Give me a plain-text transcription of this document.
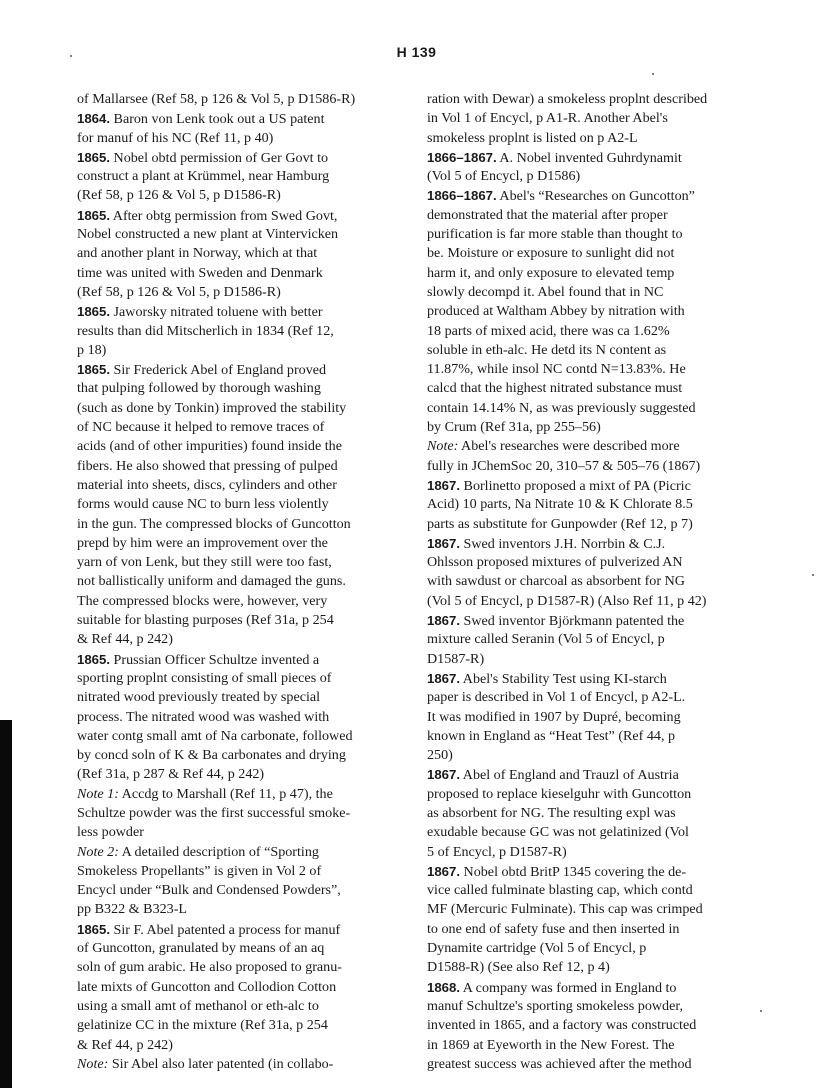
H 139
of Mallarsee (Ref 58, p 126 & Vol 5, p D1586-R)
1864. Baron von Lenk took out a US patent
for manuf of his NC (Ref 11, p 40)
1865. Nobel obtd permission of Ger Govt to
construct a plant at Krümmel, near Hamburg
(Ref 58, p 126 & Vol 5, p D1586-R)
1865. After obtg permission from Swed Govt,
Nobel constructed a new plant at Vintervicken
and another plant in Norway, which at that
time was united with Sweden and Denmark
(Ref 58, p 126 & Vol 5, p D1586-R)
1865. Jaworsky nitrated toluene with better
results than did Mitscherlich in 1834 (Ref 12,
p 18)
1865. Sir Frederick Abel of England proved
that pulping followed by thorough washing
(such as done by Tonkin) improved the stability
of NC because it helped to remove traces of
acids (and of other impurities) found inside the
fibers. He also showed that pressing of pulped
material into sheets, discs, cylinders and other
forms would cause NC to burn less violently
in the gun. The compressed blocks of Guncotton
prepd by him were an improvement over the
yarn of von Lenk, but they still were too fast,
not ballistically uniform and damaged the guns.
The compressed blocks were, however, very
suitable for blasting purposes (Ref 31a, p 254
& Ref 44, p 242)
1865. Prussian Officer Schultze invented a
sporting proplnt consisting of small pieces of
nitrated wood previously treated by special
process. The nitrated wood was washed with
water contg small amt of Na carbonate, followed
by concd soln of K & Ba carbonates and drying
(Ref 31a, p 287 & Ref 44, p 242)
Note 1: Accdg to Marshall (Ref 11, p 47), the
Schultze powder was the first successful smoke-
less powder
Note 2: A detailed description of “Sporting
Smokeless Propellants” is given in Vol 2 of
Encycl under “Bulk and Condensed Powders”,
pp B322 & B323-L
1865. Sir F. Abel patented a process for manuf
of Guncotton, granulated by means of an aq
soln of gum arabic. He also proposed to granu-
late mixts of Guncotton and Collodion Cotton
using a small amt of methanol or eth-alc to
gelatinize CC in the mixture (Ref 31a, p 254
& Ref 44, p 242)
Note: Sir Abel also later patented (in collabo-
ration with Dewar) a smokeless proplnt described
in Vol 1 of Encycl, p A1-R. Another Abel's
smokeless proplnt is listed on p A2-L
1866–1867. A. Nobel invented Guhrdynamit
(Vol 5 of Encycl, p D1586)
1866–1867. Abel's “Researches on Guncotton”
demonstrated that the material after proper
purification is far more stable than thought to
be. Moisture or exposure to sunlight did not
harm it, and only exposure to elevated temp
slowly decompd it. Abel found that in NC
produced at Waltham Abbey by nitration with
18 parts of mixed acid, there was ca 1.62%
soluble in eth-alc. He detd its N content as
11.87%, while insol NC contd N=13.83%. He
calcd that the highest nitrated substance must
contain 14.14% N, as was previously suggested
by Crum (Ref 31a, pp 255–56)
Note: Abel's researches were described more
fully in JChemSoc 20, 310–57 & 505–76 (1867)
1867. Borlinetto proposed a mixt of PA (Picric
Acid) 10 parts, Na Nitrate 10 & K Chlorate 8.5
parts as substitute for Gunpowder (Ref 12, p 7)
1867. Swed inventors J.H. Norrbin & C.J.
Ohlsson proposed mixtures of pulverized AN
with sawdust or charcoal as absorbent for NG
(Vol 5 of Encycl, p D1587-R) (Also Ref 11, p 42)
1867. Swed inventor Björkmann patented the
mixture called Seranin (Vol 5 of Encycl, p
D1587-R)
1867. Abel's Stability Test using KI-starch
paper is described in Vol 1 of Encycl, p A2-L.
It was modified in 1907 by Dupré, becoming
known in England as “Heat Test” (Ref 44, p
250)
1867. Abel of England and Trauzl of Austria
proposed to replace kieselguhr with Guncotton
as absorbent for NG. The resulting expl was
exudable because GC was not gelatinized (Vol
5 of Encycl, p D1587-R)
1867. Nobel obtd BritP 1345 covering the de-
vice called fulminate blasting cap, which contd
MF (Mercuric Fulminate). This cap was crimped
to one end of safety fuse and then inserted in
Dynamite cartridge (Vol 5 of Encycl, p
D1588-R) (See also Ref 12, p 4)
1868. A company was formed in England to
manuf Schultze's sporting smokeless powder,
invented in 1865, and a factory was constructed
in 1869 at Eyeworth in the New Forest. The
greatest success was achieved after the method
